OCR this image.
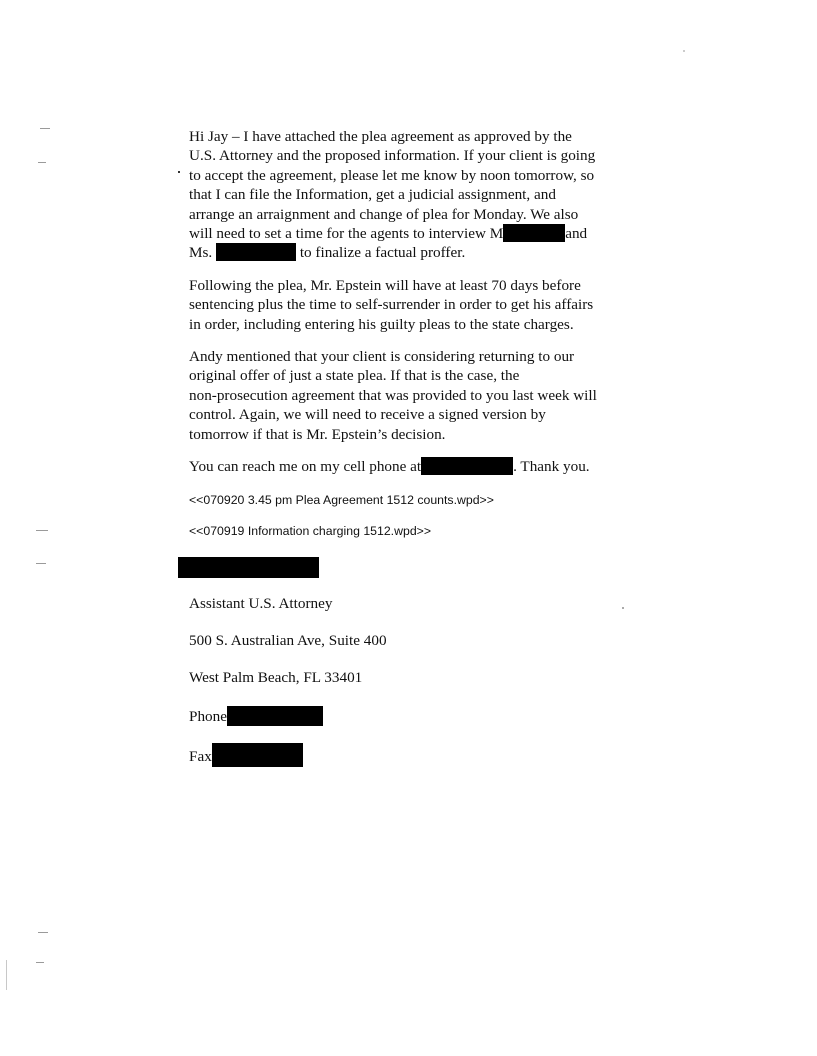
Hi Jay – I have attached the plea agreement as approved by the
U.S. Attorney and the proposed information. If your client is going
to accept the agreement, please let me know by noon tomorrow, so
that I can file the Information, get a judicial assignment, and
arrange an arraignment and change of plea for Monday. We also
will need to set a time for the agents to interview M	and
Ms.	to finalize a factual proffer.
Following the plea, Mr. Epstein will have at least 70 days before
sentencing plus the time to self-surrender in order to get his affairs
in order, including entering his guilty pleas to the state charges.
Andy mentioned that your client is considering returning to our
original offer of just a state plea. If that is the case, the
non-prosecution agreement that was provided to you last week will
control. Again, we will need to receive a signed version by
tomorrow if that is Mr. Epstein’s decision.
You can reach me on my cell phone at	. Thank you.
<<070920 3.45 pm Plea Agreement 1512 counts.wpd>>
<<070919 Information charging 1512.wpd>>
Assistant U.S. Attorney
500 S. Australian Ave, Suite 400
West Palm Beach, FL 33401
Phone
Fax
